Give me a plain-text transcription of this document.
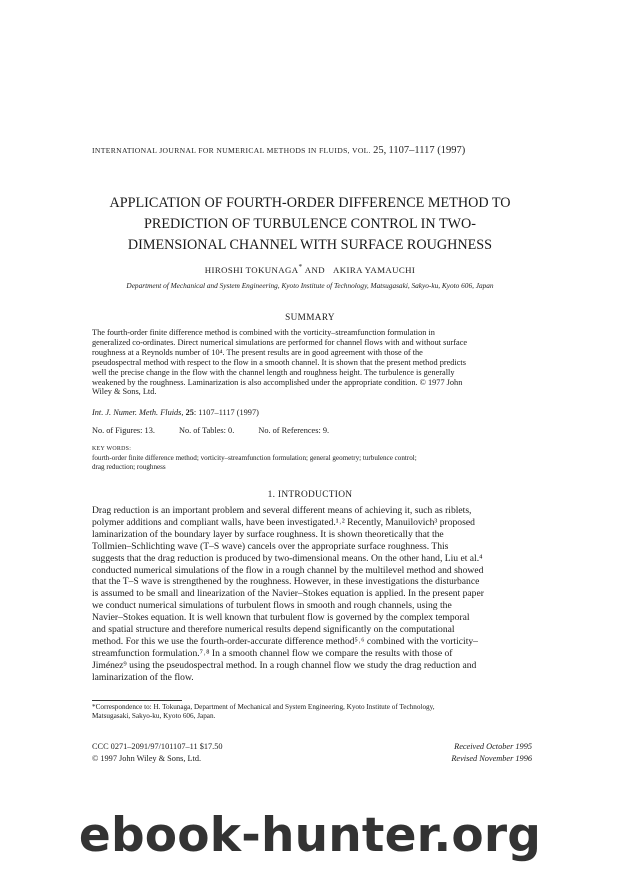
INTERNATIONAL JOURNAL FOR NUMERICAL METHODS IN FLUIDS, VOL. 25, 1107–1117 (1997)
APPLICATION OF FOURTH-ORDER DIFFERENCE METHOD TO
PREDICTION OF TURBULENCE CONTROL IN TWO-
DIMENSIONAL CHANNEL WITH SURFACE ROUGHNESS
HIROSHI TOKUNAGA* AND AKIRA YAMAUCHI
Department of Mechanical and System Engineering, Kyoto Institute of Technology, Matsugasaki, Sakyo-ku, Kyoto 606, Japan
SUMMARY
The fourth-order finite difference method is combined with the vorticity–streamfunction formulation in
generalized co-ordinates. Direct numerical simulations are performed for channel flows with and without surface
roughness at a Reynolds number of 10⁴. The present results are in good agreement with those of the
pseudospectral method with respect to the flow in a smooth channel. It is shown that the present method predicts
well the precise change in the flow with the channel length and roughness height. The turbulence is generally
weakened by the roughness. Laminarization is also accomplished under the appropriate condition. © 1977 John
Wiley & Sons, Ltd.
Int. J. Numer. Meth. Fluids, 25: 1107–1117 (1997)
No. of Figures: 13.	No. of Tables: 0.	No. of References: 9.
KEY WORDS:
fourth-order finite difference method; vorticity–streamfunction formulation; general geometry; turbulence control;
drag reduction; roughness
1. INTRODUCTION
Drag reduction is an important problem and several different means of achieving it, such as riblets,
polymer additions and compliant walls, have been investigated.¹˒² Recently, Manuilovich³ proposed
laminarization of the boundary layer by surface roughness. It is shown theoretically that the
Tollmien–Schlichting wave (T–S wave) cancels over the appropriate surface roughness. This
suggests that the drag reduction is produced by two-dimensional means. On the other hand, Liu et al.⁴
conducted numerical simulations of the flow in a rough channel by the multilevel method and showed
that the T–S wave is strengthened by the roughness. However, in these investigations the disturbance
is assumed to be small and linearization of the Navier–Stokes equation is applied. In the present paper
we conduct numerical simulations of turbulent flows in smooth and rough channels, using the
Navier–Stokes equation. It is well known that turbulent flow is governed by the complex temporal
and spatial structure and therefore numerical results depend significantly on the computational
method. For this we use the fourth-order-accurate difference method⁵˒⁶ combined with the vorticity–
streamfunction formulation.⁷˒⁸ In a smooth channel flow we compare the results with those of
Jiménez⁹ using the pseudospectral method. In a rough channel flow we study the drag reduction and
laminarization of the flow.
*Correspondence to: H. Tokunaga, Department of Mechanical and System Engineering, Kyoto Institute of Technology,
Matsugasaki, Sakyo-ku, Kyoto 606, Japan.
CCC 0271–2091/97/101107–11 $17.50
© 1997 John Wiley & Sons, Ltd.
Received October 1995
Revised November 1996
ebook-hunter.org
